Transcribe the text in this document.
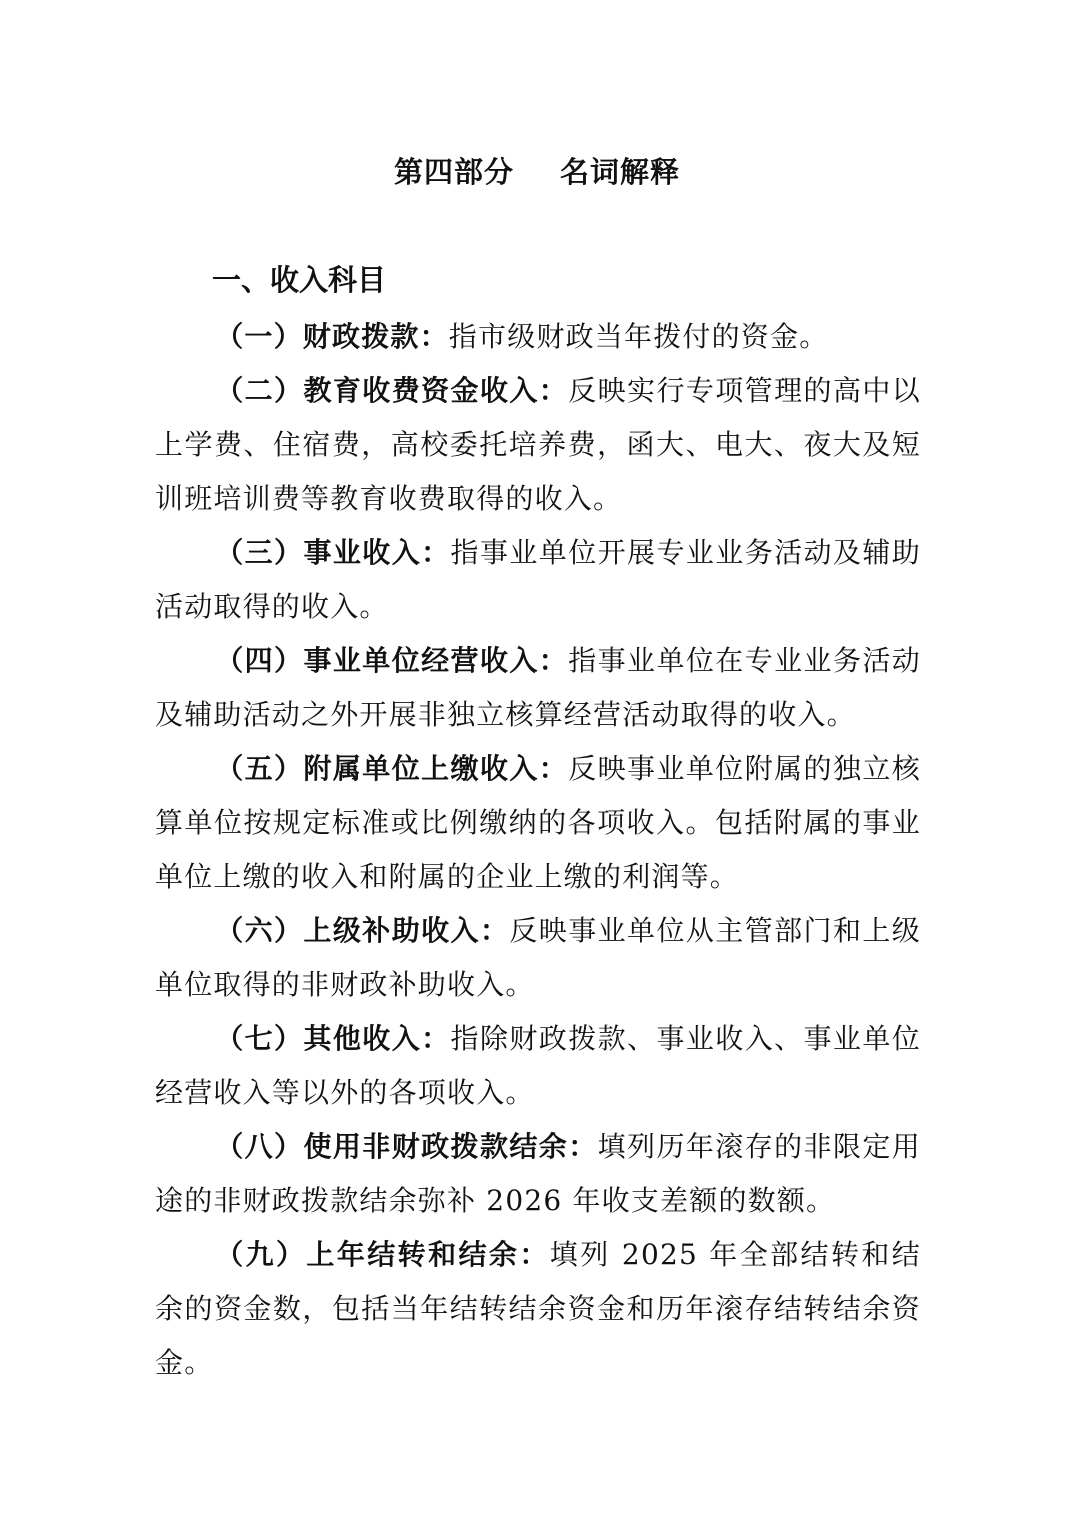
第四部分 名词解释
一、收入科目

（一）财政拨款：指市级财政当年拨付的资金。

（二）教育收费资金收入：反映实行专项管理的高中以上学费、住宿费，高校委托培养费，函大、电大、夜大及短训班培训费等教育收费取得的收入。

（三）事业收入：指事业单位开展专业业务活动及辅助活动取得的收入。

（四）事业单位经营收入：指事业单位在专业业务活动及辅助活动之外开展非独立核算经营活动取得的收入。

（五）附属单位上缴收入：反映事业单位附属的独立核算单位按规定标准或比例缴纳的各项收入。包括附属的事业单位上缴的收入和附属的企业上缴的利润等。

（六）上级补助收入：反映事业单位从主管部门和上级单位取得的非财政补助收入。

（七）其他收入：指除财政拨款、事业收入、事业单位经营收入等以外的各项收入。

（八）使用非财政拨款结余：填列历年滚存的非限定用途的非财政拨款结余弥补 2026 年收支差额的数额。

（九）上年结转和结余：填列 2025 年全部结转和结余的资金数，包括当年结转结余资金和历年滚存结转结余资金。
